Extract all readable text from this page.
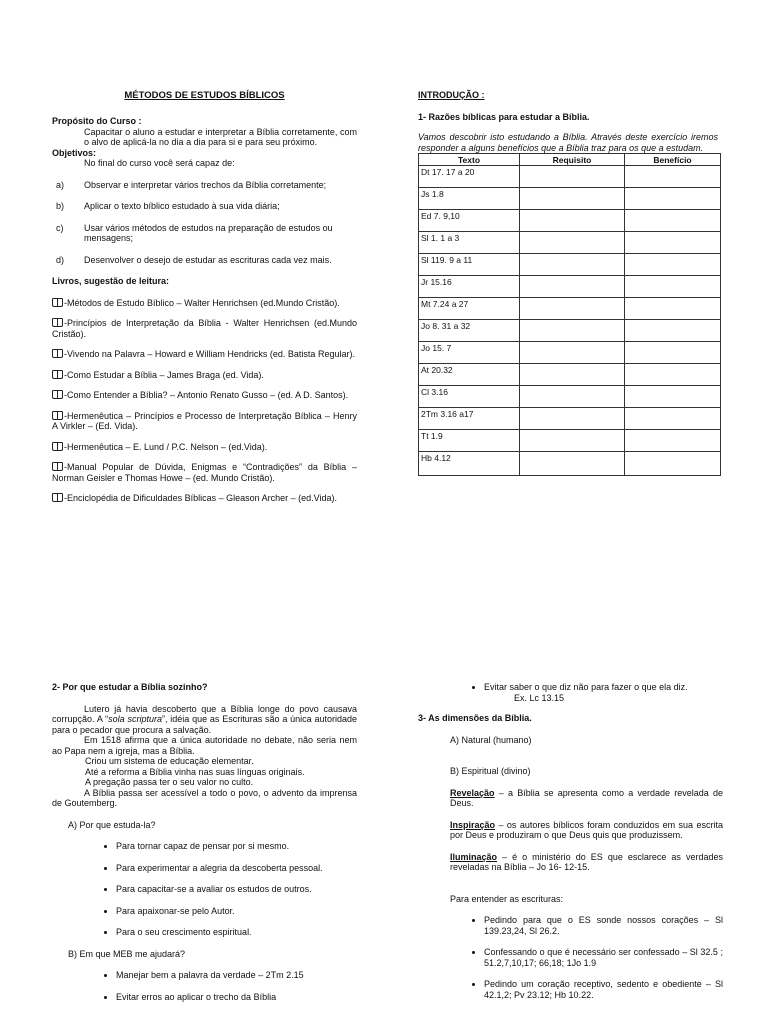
MÉTODOS DE ESTUDOS BÍBLICOS

Propósito do Curso :

Capacitar o aluno a estudar e interpretar a Bíblia corretamente, com o alvo de aplicá-la no dia a dia para si e para seu próximo.

Objetivos:

No final do curso você será capaz de:

a) Observar e interpretar vários trechos da Bíblia corretamente;
b) Aplicar o texto bíblico estudado à sua vida diária;
c) Usar vários métodos de estudos na preparação de estudos ou mensagens;
d) Desenvolver o desejo de estudar as escrituras cada vez mais.

Livros, sugestão de leitura:

-Métodos de Estudo Bíblico – Walter Henrichsen (ed.Mundo Cristão).
-Princípios de Interpretação da Bíblia - Walter Henrichsen (ed.Mundo Cristão).
-Vivendo na Palavra – Howard e William Hendricks (ed. Batista Regular).
-Como Estudar a Bíblia – James Braga (ed. Vida).
-Como Entender a Bíblia? – Antonio Renato Gusso – (ed. A D. Santos).
-Hermenêutica – Princípios e Processo de Interpretação Bíblica – Henry A Virkler – (Ed. Vida).
-Hermenêutica – E. Lund / P.C. Nelson – (ed.Vida).
-Manual Popular de Dúvida, Enigmas e “Contradições” da Bíblia – Norman Geisler e Thomas Howe – (ed. Mundo Cristão).
-Enciclopédia de Dificuldades Bíblicas – Gleason Archer – (ed.Vida).

INTRODUÇÃO :

1- Razões bíblicas para estudar a Bíblia.

Vamos descobrir isto estudando a Bíblia. Através deste exercício iremos responder a alguns benefícios que a Bíblia traz para os que a estudam.

Texto	Requisito	Benefício
Dt 17. 17 a 20		
Js 1.8		
Ed 7. 9,10		
Sl 1. 1 a 3		
Sl 119. 9 a 11		
Jr 15.16		
Mt 7.24 a 27		
Jo 8. 31 a 32		
Jo 15. 7		
At 20.32		
Cl 3.16		
2Tm 3.16 a17		
Tt 1.9		
Hb 4.12		

2- Por que estudar a Bíblia sozinho?

Lutero já havia descoberto que a Bíblia longe do povo causava corrupção. A “sola scriptura”, idéia que as Escrituras são a única autoridade para o pecador que procura a salvação.

Em 1518 afirma que a única autoridade no debate, não seria nem ao Papa nem a igreja, mas a Bíblia.

Criou um sistema de educação elementar.

Até a reforma a Bíblia vinha nas suas línguas originais.

A pregação passa ter o seu valor no culto.

A Bíblia passa ser acessível a todo o povo, o advento da imprensa de Goutemberg.

A) Por que estuda-la?

• Para tornar capaz de pensar por si mesmo.
• Para experimentar a alegria da descoberta pessoal.
• Para capacitar-se a avaliar os estudos de outros.
• Para apaixonar-se pelo Autor.
• Para o seu crescimento espiritual.

B) Em que MEB me ajudará?

• Manejar bem a palavra da verdade – 2Tm 2.15
• Evitar erros ao aplicar o trecho da Bíblia
• Evitar saber o que diz não para fazer o que ela diz.
Ex. Lc 13.15

3- As dimensões da Bíblia.

A) Natural (humano)

B) Espiritual (divino)

Revelação – a Bíblia se apresenta como a verdade revelada de Deus.

Inspiração – os autores bíblicos foram conduzidos em sua escrita por Deus e produziram o que Deus quis que produzissem.

Iluminação – é o ministério do ES que esclarece as verdades reveladas na Bíblia – Jo 16- 12-15.

Para entender as escrituras:

• Pedindo para que o ES sonde nossos corações – Sl 139.23,24, Sl 26.2.
• Confessando o que é necessário ser confessado – Sl 32.5 ; 51.2,7,10,17; 66,18; 1Jo 1.9
• Pedindo um coração receptivo, sedento e obediente – Sl 42.1,2; Pv 23.12; Hb 10.22.
